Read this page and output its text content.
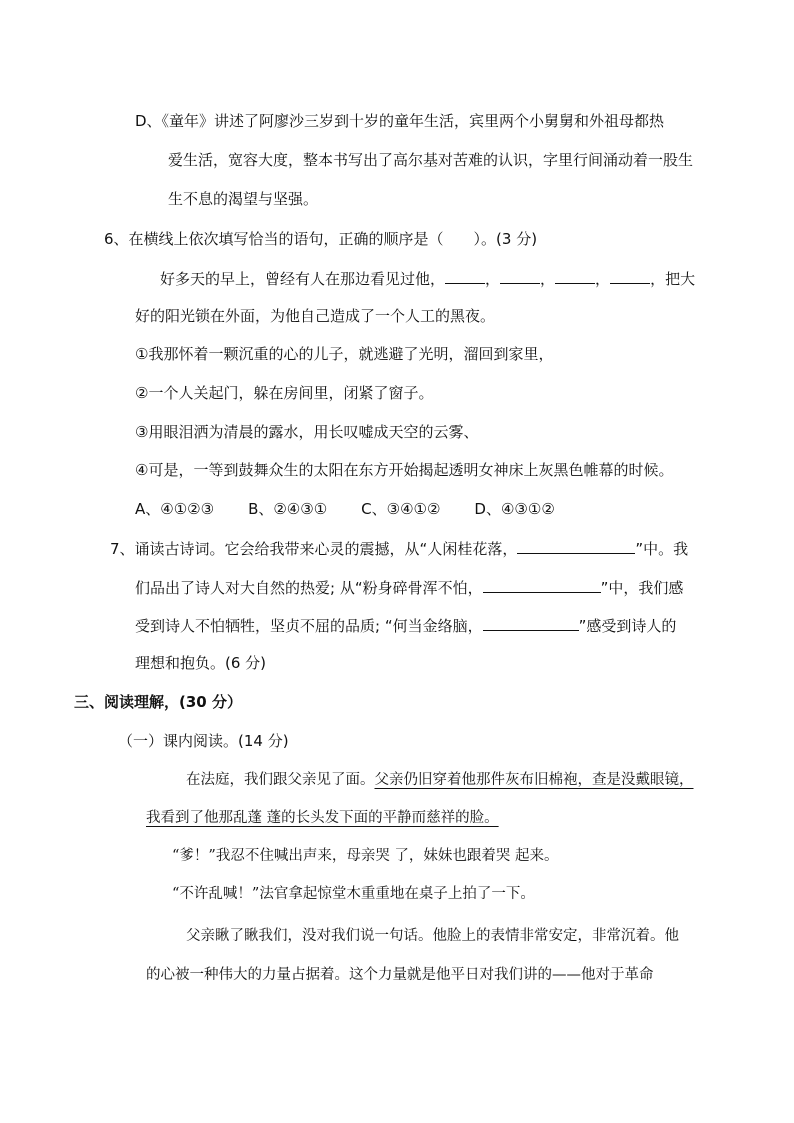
D、《童年》讲述了阿廖沙三岁到十岁的童年生活，宾里两个小舅舅和外祖母都热
爱生活，宽容大度，整本书写出了高尔基对苦难的认识，字里行间涌动着一股生
生不息的渴望与坚强。
6、在横线上依次填写恰当的语句，正确的顺序是（　　）。(3 分)
好多天的早上，曾经有人在那边看见过他，	，	，	，	，把大
好的阳光锁在外面，为他自己造成了一个人工的黑夜。
①我那怀着一颗沉重的心的儿子，就逃避了光明，溜回到家里，
②一个人关起门，躲在房间里，闭紧了窗子。
③用眼泪洒为清晨的露水，用长叹嘘成天空的云雾、
④可是，一等到鼓舞众生的太阳在东方开始揭起透明女神床上灰黑色帷幕的时候。
A、④①②③ B、②④③① C、③④①② D、④③①②
7、诵读古诗词。它会给我带来心灵的震撼，从“人闲桂花落，	”中。我
们品出了诗人对大自然的热爱; 从“粉身碎骨浑不怕，	”中，我们感
受到诗人不怕牺牲，坚贞不屈的品质; “何当金络脑，	”感受到诗人的
理想和抱负。(6 分)
三、阅读理解，(30 分）
（一）课内阅读。(14 分)
在法庭，我们跟父亲见了面。父亲仍旧穿着他那件灰布旧棉袍，查是没戴眼镜，
我看到了他那乱蓬 蓬的长头发下面的平静而慈祥的脸。
“爹！”我忍不住喊出声来，母亲哭 了，妹妹也跟着哭 起来。
“不许乱喊！”法官拿起惊堂木重重地在桌子上拍了一下。
父亲瞅了瞅我们，没对我们说一句话。他脸上的表情非常安定，非常沉着。他
的心被一种伟大的力量占据着。这个力量就是他平日对我们讲的——他对于革命
